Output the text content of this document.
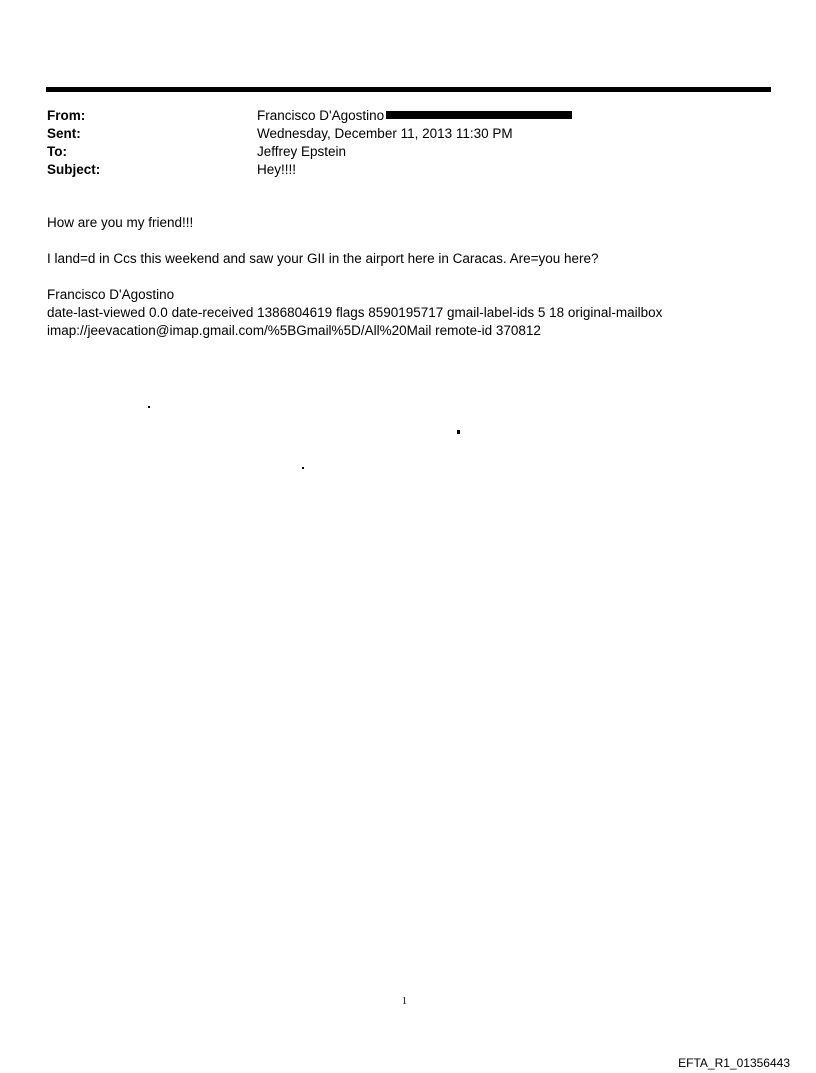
From:	Francisco D'Agostino
Sent:	Wednesday, December 11, 2013 11:30 PM
To:	Jeffrey Epstein
Subject:	Hey!!!!

How are you my friend!!!

I land=d in Ccs this weekend and saw your GII in the airport here in Caracas. Are=you here?

Francisco D'Agostino

date-last-viewed 0.0 date-received 1386804619 flags 8590195717 gmail-label-ids 5 18 original-mailbox

imap://jeevacation@imap.gmail.com/%5BGmail%5D/All%20Mail remote-id 370812

1
EFTA_R1_01356443
